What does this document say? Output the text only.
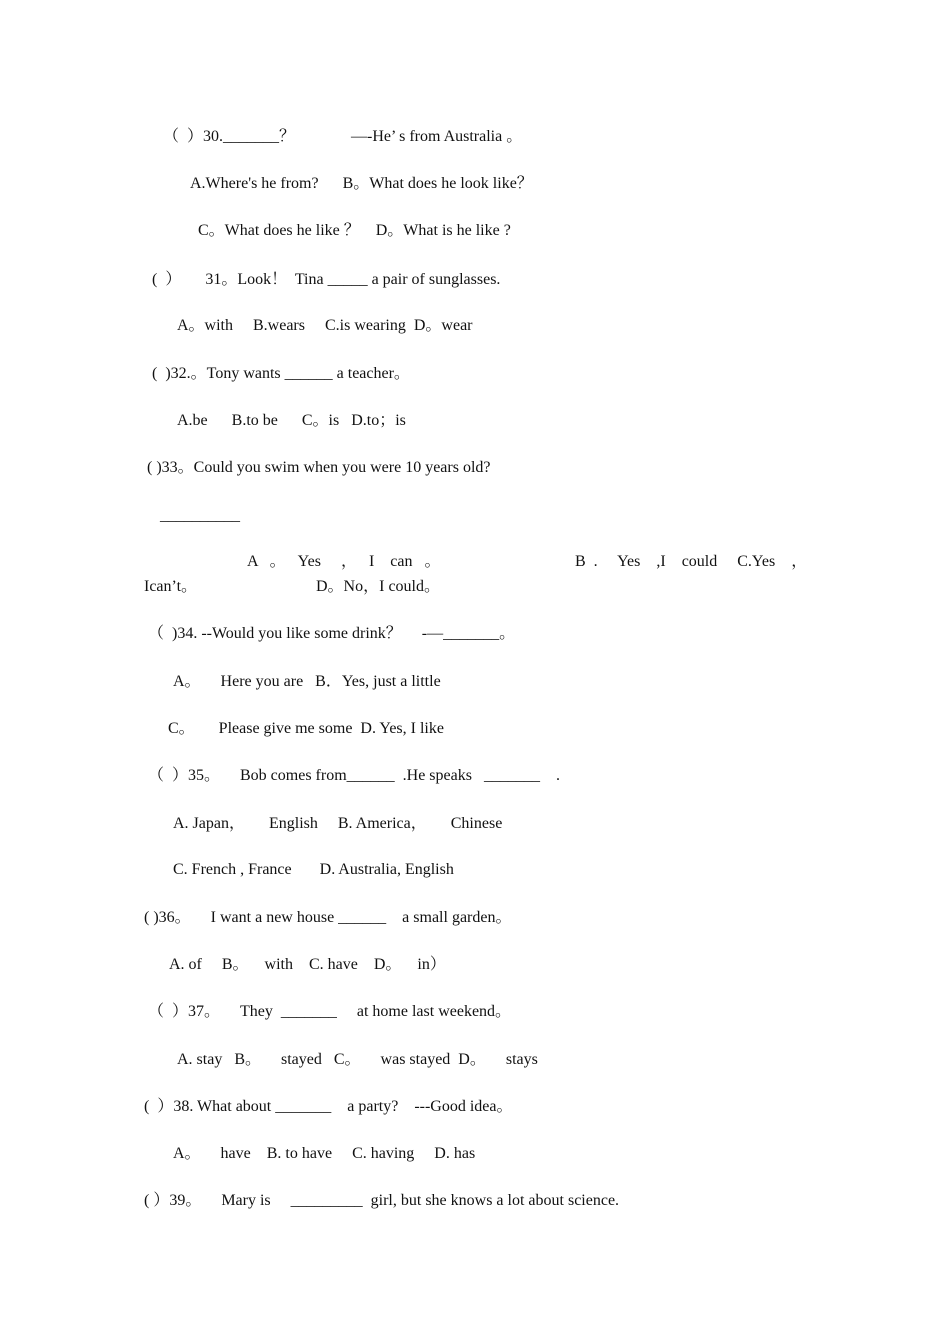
（  ）30._______？              —-He’ s from Australia 。
A.Where's he from?      B。What does he look like？
C。What does he like ？    D。What is he like ?
(  ）      31。Look！  Tina _____ a pair of sunglasses.
A。with     B.wears     C.is wearing  D。wear
(  )32.。Tony wants ______ a teacher。
A.be      B.to be      C。is   D.to；is
( )33。Could you swim when you were 10 years old?
__________
A   。   Yes     ，   I    can   。	B  .     Yes    ,I    could     C.Yes    ，
Ican’t。	D。No，I could。
（  )34. --Would you like some drink？     -—_______。
A。     Here you are   B．Yes, just a little
C。      Please give me some  D. Yes, I like
（  ）35。     Bob comes from______  .He speaks   _______    .
A. Japan，      English     B. America，      Chinese
C. French , France       D. Australia, English
( )36。     I want a new house ______    a small garden。
A. of     B。    with    C. have    D。    in）
（  ）37。     They  _______     at home last weekend。
A. stay   B。     stayed   C。     was stayed  D。     stays
(  ）38. What about _______    a party?    ---Good idea。
A。     have    B. to have     C. having     D. has
( ）39。     Mary is     _________  girl, but she knows a lot about science.
